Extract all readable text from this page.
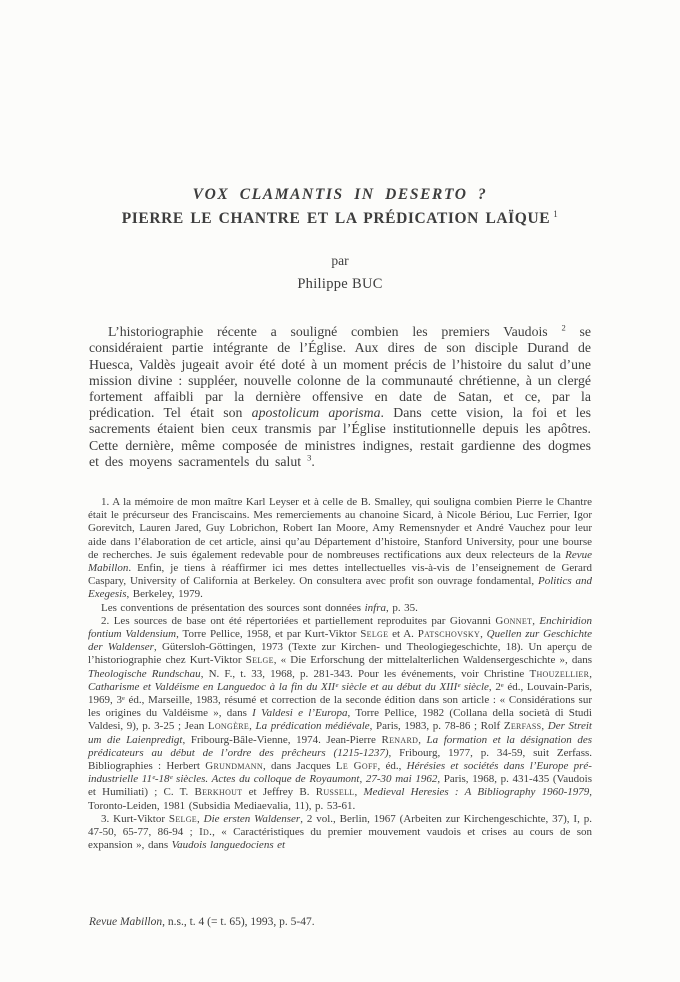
VOX CLAMANTIS IN DESERTO ?
PIERRE LE CHANTRE ET LA PRÉDICATION LAÏQUE $^1$
par
Philippe BUC

L’historiographie récente a souligné combien les premiers Vaudois $^2$ se considéraient partie intégrante de l’Église. Aux dires de son disciple Durand de Huesca, Valdès jugeait avoir été doté à un moment précis de l’histoire du salut d’une mission divine : suppléer, nouvelle colonne de la communauté chrétienne, à un clergé fortement affaibli par la dernière offensive en date de Satan, et ce, par la prédication. Tel était son apostolicum aporisma. Dans cette vision, la foi et les sacrements étaient bien ceux transmis par l’Église institutionnelle depuis les apôtres. Cette dernière, même composée de ministres indignes, restait gardienne des dogmes et des moyens sacramentels du salut $^3$.

1. A la mémoire de mon maître Karl Leyser et à celle de B. Smalley, qui souligna combien Pierre le Chantre était le précurseur des Franciscains. Mes remerciements au chanoine Sicard, à Nicole Bériou, Luc Ferrier, Igor Gorevitch, Lauren Jared, Guy Lobrichon, Robert Ian Moore, Amy Remensnyder et André Vauchez pour leur aide dans l’élaboration de cet article, ainsi qu’au Département d’histoire, Stanford University, pour une bourse de recherches. Je suis également redevable pour de nombreuses rectifications aux deux relecteurs de la Revue Mabillon. Enfin, je tiens à réaffirmer ici mes dettes intellectuelles vis-à-vis de l’enseignement de Gerard Caspary, University of California at Berkeley. On consultera avec profit son ouvrage fondamental, Politics and Exegesis, Berkeley, 1979.

Les conventions de présentation des sources sont données infra, p. 35.

2. Les sources de base ont été répertoriées et partiellement reproduites par Giovanni Gonnet, Enchiridion fontium Valdensium, Torre Pellice, 1958, et par Kurt-Viktor Selge et A. Patschovsky, Quellen zur Geschichte der Waldenser, Gütersloh-Göttingen, 1973 (Texte zur Kirchen- und Theologiegeschichte, 18). Un aperçu de l’historiographie chez Kurt-Viktor Selge, « Die Erforschung der mittelalterlichen Waldensergeschichte », dans Theologische Rundschau, N. F., t. 33, 1968, p. 281-343. Pour les événements, voir Christine Thouzellier, Catharisme et Valdéisme en Languedoc à la fin du XIIᵉ siècle et au début du XIIIᵉ siècle, 2ᵉ éd., Louvain-Paris, 1969, 3ᵉ éd., Marseille, 1983, résumé et correction de la seconde édition dans son article : « Considérations sur les origines du Valdéisme », dans I Valdesi e l’Europa, Torre Pellice, 1982 (Collana della società di Studi Valdesi, 9), p. 3-25 ; Jean Longère, La prédication médiévale, Paris, 1983, p. 78-86 ; Rolf Zerfass, Der Streit um die Laienpredigt, Fribourg-Bâle-Vienne, 1974. Jean-Pierre Renard, La formation et la désignation des prédicateurs au début de l’ordre des prêcheurs (1215-1237), Fribourg, 1977, p. 34-59, suit Zerfass. Bibliographies : Herbert Grundmann, dans Jacques Le Goff, éd., Hérésies et sociétés dans l’Europe pré-industrielle 11ᵉ-18ᵉ siècles. Actes du colloque de Royaumont, 27-30 mai 1962, Paris, 1968, p. 431-435 (Vaudois et Humiliati) ; C. T. Berkhout et Jeffrey B. Russell, Medieval Heresies : A Bibliography 1960-1979, Toronto-Leiden, 1981 (Subsidia Mediaevalia, 11), p. 53-61.

3. Kurt-Viktor Selge, Die ersten Waldenser, 2 vol., Berlin, 1967 (Arbeiten zur Kirchengeschichte, 37), I, p. 47-50, 65-77, 86-94 ; Id., « Caractéristiques du premier mouvement vaudois et crises au cours de son expansion », dans Vaudois languedociens et

Revue Mabillon, n.s., t. 4 (= t. 65), 1993, p. 5-47.
